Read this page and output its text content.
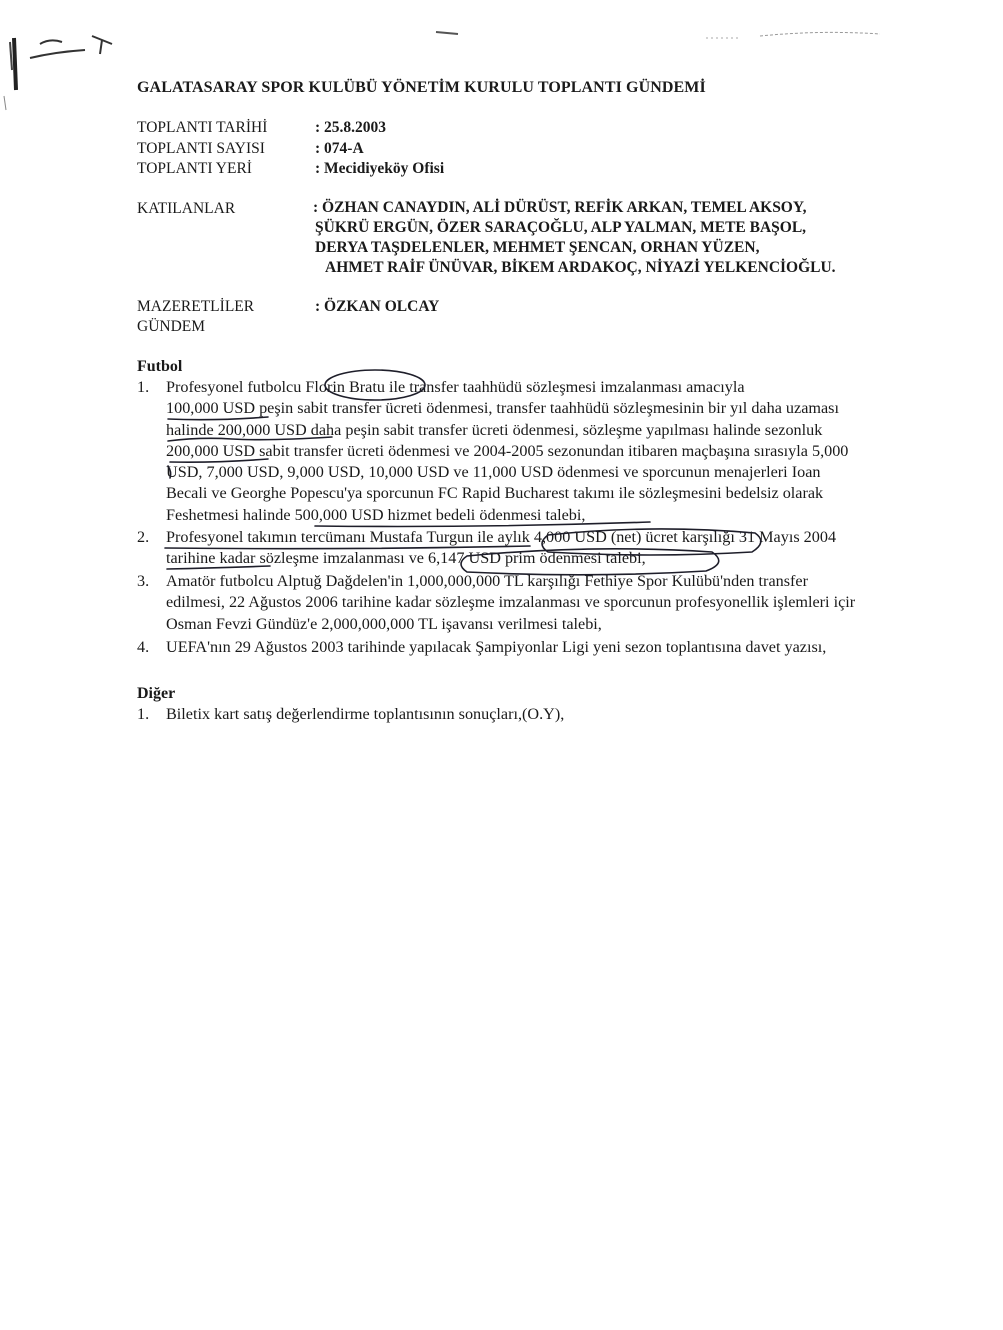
GALATASARAY SPOR KULÜBÜ YÖNETİM KURULU TOPLANTI GÜNDEMİ
TOPLANTI TARİHİ	: 25.8.2003
TOPLANTI SAYISI	: 074-A
TOPLANTI YERİ	: Mecidiyeköy Ofisi
KATILANLAR	: ÖZHAN CANAYDIN, ALİ DÜRÜST, REFİK ARKAN, TEMEL AKSOY,
ŞÜKRÜ ERGÜN, ÖZER SARAÇOĞLU, ALP YALMAN, METE BAŞOL,
DERYA TAŞDELENLER, MEHMET ŞENCAN, ORHAN YÜZEN,
AHMET RAİF ÜNÜVAR, BİKEM ARDAKOÇ, NİYAZİ YELKENCİOĞLU.
MAZERETLİLER	: ÖZKAN OLCAY
GÜNDEM
Futbol
1.	Profesyonel futbolcu Florin Bratu ile transfer taahhüdü sözleşmesi imzalanması amacıyla
100,000 USD peşin sabit transfer ücreti ödenmesi, transfer taahhüdü sözleşmesinin bir yıl daha uzaması
halinde 200,000 USD daha peşin sabit transfer ücreti ödenmesi, sözleşme yapılması halinde sezonluk
200,000 USD sabit transfer ücreti ödenmesi ve 2004-2005 sezonundan itibaren maçbaşına sırasıyla 5,000
USD, 7,000 USD, 9,000 USD, 10,000 USD ve 11,000 USD ödenmesi ve sporcunun menajerleri Ioan
Becali ve Georghe Popescu'ya sporcunun FC Rapid Bucharest takımı ile sözleşmesini bedelsiz olarak
Feshetmesi halinde 500,000 USD hizmet bedeli ödenmesi talebi,
2.	Profesyonel takımın tercümanı Mustafa Turgun ile aylık 4,000 USD (net) ücret karşılığı 31 Mayıs 2004
tarihine kadar sözleşme imzalanması ve 6,147 USD prim ödenmesi talebi,
3.	Amatör futbolcu Alptuğ Dağdelen'in 1,000,000,000 TL karşılığı Fethiye Spor Kulübü'nden transfer
edilmesi, 22 Ağustos 2006 tarihine kadar sözleşme imzalanması ve sporcunun profesyonellik işlemleri içir
Osman Fevzi Gündüz'e 2,000,000,000 TL işavansı verilmesi talebi,
4.	UEFA'nın 29 Ağustos 2003 tarihinde yapılacak Şampiyonlar Ligi yeni sezon toplantısına davet yazısı,
Diğer
1.	Biletix kart satış değerlendirme toplantısının sonuçları,(O.Y),
